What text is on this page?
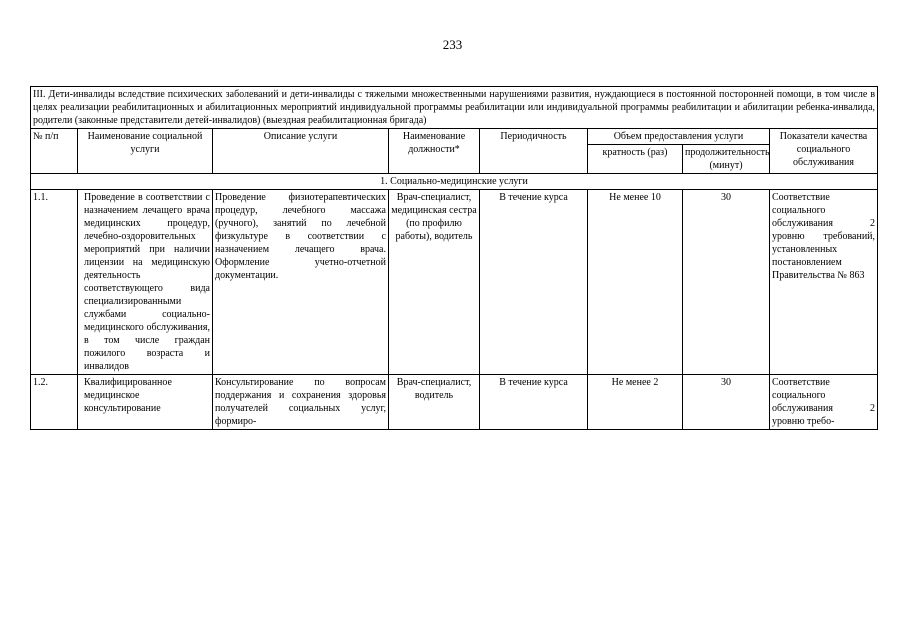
233
III. Дети-инвалиды вследствие психических заболеваний и дети-инвалиды с тяжелыми множественными нарушениями развития, нуждающиеся в постоянной посторонней помощи, в том числе в целях реализации реабилитационных и абилитационных мероприятий индивидуальной программы реабилитации или индивидуальной программы реабилитации и абилитации ребенка-инвалида, родители (законные представители детей-инвалидов) (выездная реабилитационная бригада)							
№ п/п	Наименование социальной услуги	Описание услуги	Наименование должности*	Периодичность	Объем предоставления услуги		Показатели качества социального обслуживания
					кратность (раз)	продолжительность (минут)	
1. Социально-медицинские услуги							
1.1.	Проведение в соответствии с назначением лечащего врача медицинских процедур, лечебно-оздоровительных мероприятий при наличии лицензии на медицинскую деятельность соответствующего вида специализированными службами социально-медицинского обслуживания, в том числе граждан пожилого возраста и инвалидов	Проведение физиотерапевтических процедур, лечебного массажа (ручного), занятий по лечебной физкультуре в соответствии с назначением лечащего врача. Оформление учетно-отчетной документации.	Врач-специалист, медицинская сестра (по профилю работы), водитель	В течение курса	Не менее 10	30	Соответствие социального обслуживания 2 уровню требований, установленных постановлением Правительства № 863
1.2.	Квалифицированное медицинское консультирование	Консультирование по вопросам поддержания и сохранения здоровья получателей социальных услуг, формиро-	Врач-специалист, водитель	В течение курса	Не менее 2	30	Соответствие социального обслуживания 2 уровню требо-
